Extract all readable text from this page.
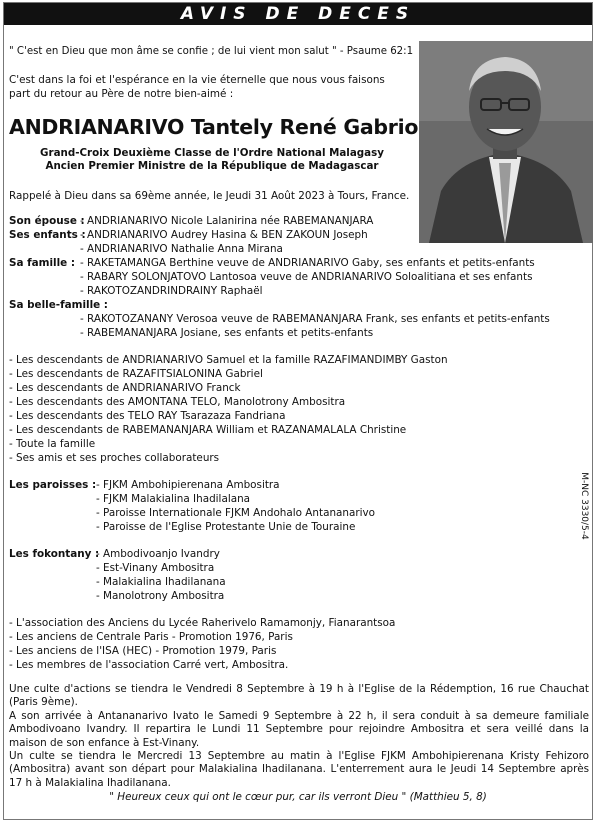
AVIS DE DECES
" C'est en Dieu que mon âme se confie ; de lui vient mon salut " - Psaume 62:1
C'est dans la foi et l'espérance en la vie éternelle que nous vous faisons
part du retour au Père de notre bien-aimé :
ANDRIANARIVO Tantely René Gabrio
Grand-Croix Deuxième Classe de l'Ordre National Malagasy
Ancien Premier Ministre de la République de Madagascar
Rappelé à Dieu dans sa 69ème année, le Jeudi 31 Août 2023 à Tours, France.
Son épouse :
- ANDRIANARIVO Nicole Lalanirina née RABEMANANJARA
Ses enfants :
- ANDRIANARIVO Audrey Hasina & BEN ZAKOUN Joseph
- ANDRIANARIVO Nathalie Anna Mirana
Sa famille : - RAKETAMANGA Berthine veuve de ANDRIANARIVO Gaby, ses enfants et petits-enfants
- RABARY SOLONJATOVO Lantosoa veuve de ANDRIANARIVO Soloalitiana et ses enfants
- RAKOTOZANDRINDRAINY Raphaël
Sa belle-famille :
- RAKOTOZANANY Verosoa veuve de RABEMANANJARA Frank, ses enfants et petits-enfants
- RABEMANANJARA Josiane, ses enfants et petits-enfants
- Les descendants de ANDRIANARIVO Samuel et la famille RAZAFIMANDIMBY Gaston
- Les descendants de RAZAFITSIALONINA Gabriel
- Les descendants de ANDRIANARIVO Franck
- Les descendants des AMONTANA TELO, Manolotrony Ambositra
- Les descendants des TELO RAY Tsarazaza Fandriana
- Les descendants de RABEMANANJARA William et RAZANAMALALA Christine
- Toute la famille
- Ses amis et ses proches collaborateurs
Les paroisses : - FJKM Ambohipierenana Ambositra
- FJKM Malakialina Ihadilalana
- Paroisse Internationale FJKM Andohalo Antananarivo
- Paroisse de l'Eglise Protestante Unie de Touraine
Les fokontany :
- Ambodivoanjo Ivandry
- Est-Vinany Ambositra
- Malakialina Ihadilanana
- Manolotrony Ambositra
- L'association des Anciens du Lycée Raherivelo Ramamonjy, Fianarantsoa
- Les anciens de Centrale Paris - Promotion 1976, Paris
- Les anciens de l'ISA (HEC) - Promotion 1979, Paris
- Les membres de l'association Carré vert, Ambositra.
Une culte d'actions se tiendra le Vendredi 8 Septembre à 19 h à l'Eglise de la Rédemption, 16 rue Chauchat (Paris 9ème).
A son arrivée à Antananarivo Ivato le Samedi 9 Septembre à 22 h, il sera conduit à sa demeure familiale Ambodivoano Ivandry. Il repartira le Lundi 11 Septembre pour rejoindre Ambositra et sera veillé dans la maison de son enfance à Est-Vinany.
Un culte se tiendra le Mercredi 13 Septembre au matin à l'Eglise FJKM Ambohipierenana Kristy Fehizoro (Ambositra) avant son départ pour Malakialina Ihadilanana. L'enterrement aura le Jeudi 14 Septembre après 17 h à Malakialina Ihadilanana.
" Heureux ceux qui ont le cœur pur, car ils verront Dieu " (Matthieu 5, 8)
M-NC 3330/5-4
